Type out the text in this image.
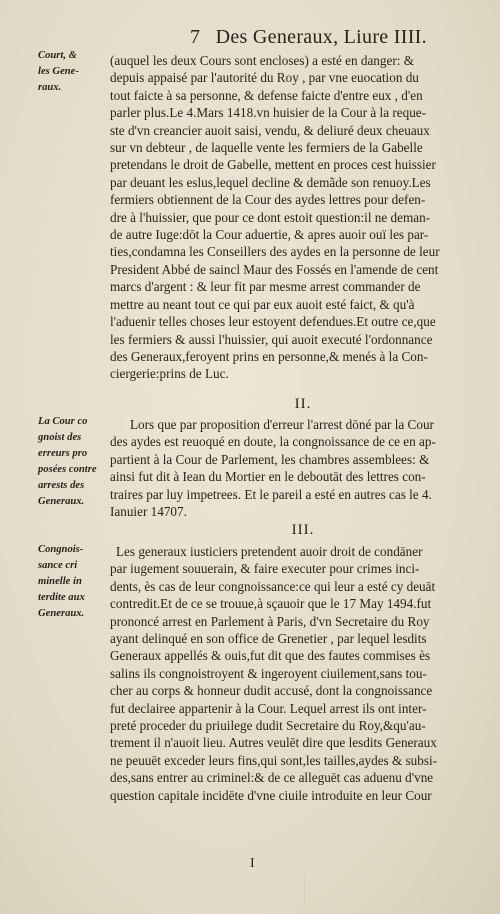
7 Des Generaux, Liure IIII.
Court, &
les Gene-
raux.
(auquel les deux Cours sont encloses) a esté en danger: &
depuis appaisé par l'autorité du Roy , par vne euocation du
tout faicte à sa personne, & defense faicte d'entre eux , d'en
parler plus.Le 4.Mars 1418.vn huisier de la Cour à la reque-
ste d'vn creancier auoit saisi, vendu, & deliuré deux cheuaux
sur vn debteur , de laquelle vente les fermiers de la Gabelle
pretendans le droit de Gabelle, mettent en proces cest huissier
par deuant les eslus,lequel decline & demãde son renuoy.Les
fermiers obtiennent de la Cour des aydes lettres pour defen-
dre à l'huissier, que pour ce dont estoit question:il ne deman-
de autre Iuge:dōt la Cour aduertie, & apres auoir ouï les par-
ties,condamna les Conseillers des aydes en la personne de leur
President Abbé de saincl Maur des Fossés en l'amende de cent
marcs d'argent : & leur fit par mesme arrest commander de
mettre au neant tout ce qui par eux auoit esté faict, & qu'à
l'aduenir telles choses leur estoyent defendues.Et outre ce,que
les fermiers & aussi l'huissier, qui auoit executé l'ordonnance
des Generaux,feroyent prins en personne,& menés à la Con-
ciergerie:prins de Luc.
II.
La Cour co
gnoist des
erreurs pro
posées contre
arrests des
Generaux.
Lors que par proposition d'erreur l'arrest dōné par la Cour
des aydes est reuoqué en doute, la congnoissance de ce en ap-
partient à la Cour de Parlement, les chambres assemblees: &
ainsi fut dit à Iean du Mortier en le deboutāt des lettres con-
traires par luy impetrees. Et le pareil a esté en autres cas le 4.
Ianuier 14707.
III.
Congnois-
sance cri
minelle in
terdite aux
Generaux.
Les generaux iusticiers pretendent auoir droit de condāner
par iugement souuerain, & faire executer pour crimes inci-
dents, ès cas de leur congnoissance:ce qui leur a esté cy deuāt
contredit.Et de ce se trouue,à sçauoir que le 17 May 1494.fut
prononcé arrest en Parlement à Paris, d'vn Secretaire du Roy
ayant delinqué en son office de Grenetier , par lequel lesdits
Generaux appellés & ouis,fut dit que des fautes commises ès
salins ils congnoistroyent & ingeroyent ciuilement,sans tou-
cher au corps & honneur dudit accusé, dont la congnoissance
fut declairee appartenir à la Cour. Lequel arrest ils ont inter-
preté proceder du priuilege dudit Secretaire du Roy,&qu'au-
trement il n'auoit lieu. Autres veulēt dire que lesdits Generaux
ne peuuēt exceder leurs fins,qui sont,les tailles,aydes & subsi-
des,sans entrer au criminel:& de ce alleguēt cas aduenu d'vne
question capitale incidēte d'vne ciuile introduite en leur Cour
I
